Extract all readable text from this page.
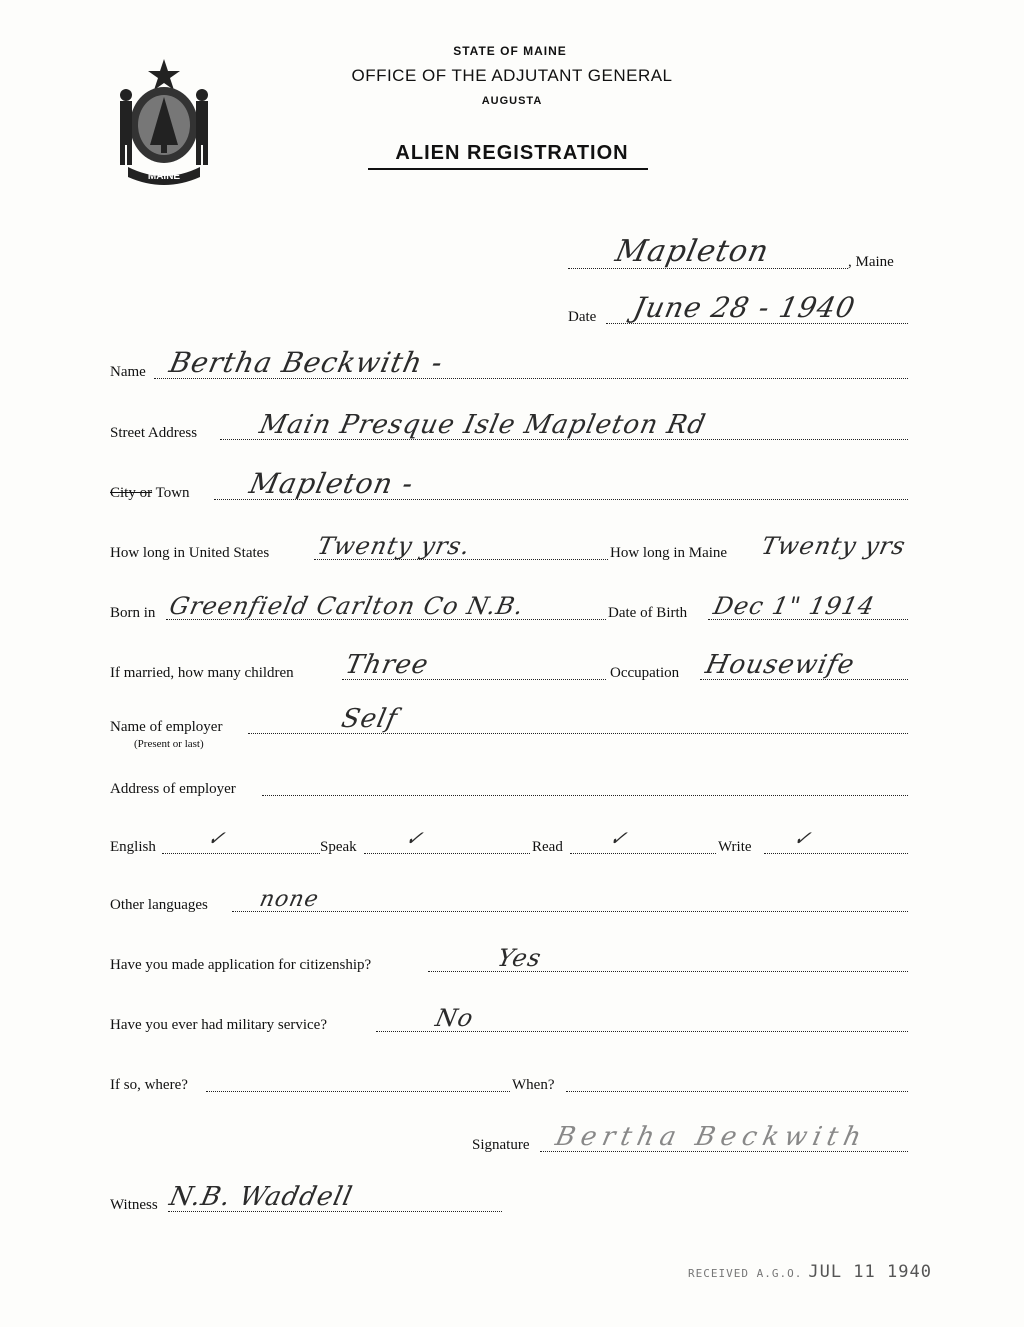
MAINE
STATE OF MAINE
OFFICE OF THE ADJUTANT GENERAL
AUGUSTA
ALIEN REGISTRATION
Mapleton	, Maine
Date June 28 - 1940
Name Bertha Beckwith -
Street Address Main Presque Isle Mapleton Rd
City or Town Mapleton -
How long in United States Twenty yrs.	How long in Maine Twenty yrs
Born in Greenfield Carlton Co N.B.	Date of Birth Dec 1" 1914
If married, how many children Three	Occupation Housewife
Name of employer
(Present or last)
Self
Address of employer
English ✓	Speak ✓	Read ✓	Write ✓
Other languages none
Have you made application for citizenship?	Yes
Have you ever had military service?	No
If so, where?	When?
Signature Bertha Beckwith
Witness N.B. Waddell
RECEIVED A.G.O. JUL 11 1940
